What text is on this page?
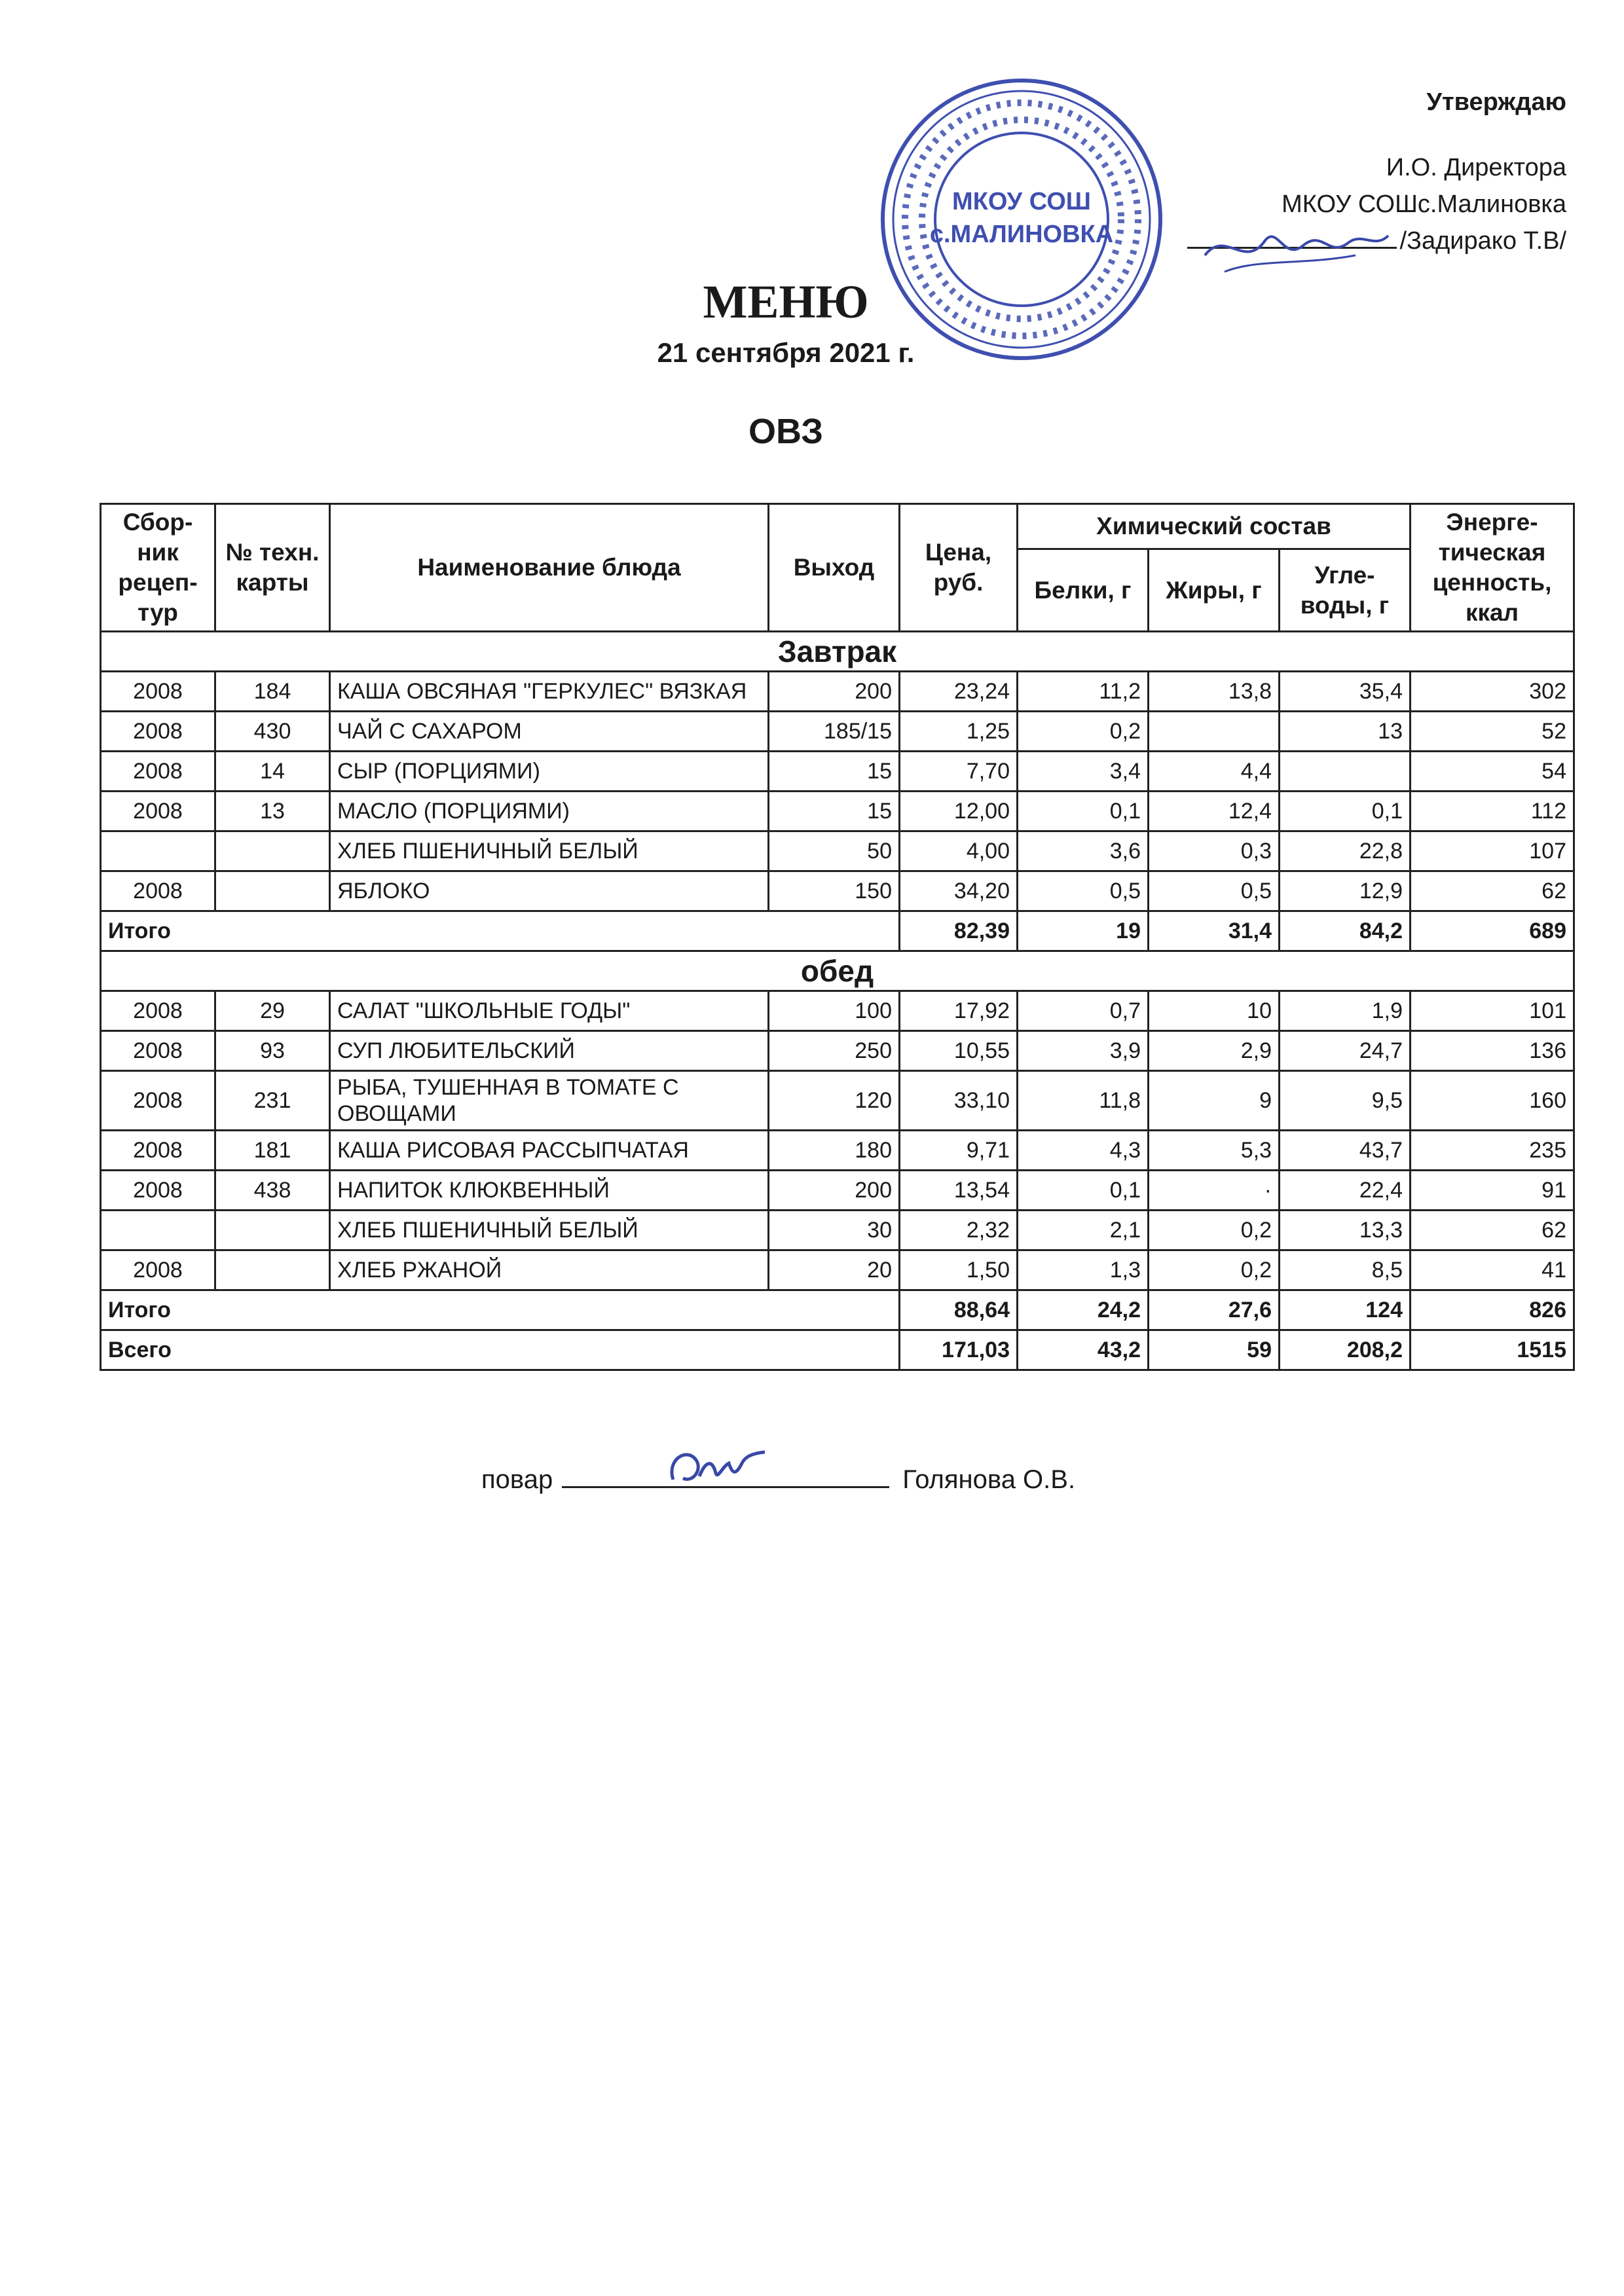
Утверждаю
И.О. Директора
МКОУ СОШс.Малиновка
/Задирако Т.В/
МКОУ СОШ
с.МАЛИНОВКА
МЕНЮ
21 сентября 2021 г.
ОВЗ
Сбор-ник рецеп-тур	№ техн. карты	Наименование блюда	Выход	Цена, руб.	Химический состав			Энерге-тическая ценность, ккал
					Белки, г	Жиры, г	Угле-воды, г	
Завтрак								
2008	184	КАША ОВСЯНАЯ "ГЕРКУЛЕС" ВЯЗКАЯ	200	23,24	11,2	13,8	35,4	302
2008	430	ЧАЙ С САХАРОМ	185/15	1,25	0,2		13	52
2008	14	СЫР (ПОРЦИЯМИ)	15	7,70	3,4	4,4		54
2008	13	МАСЛО (ПОРЦИЯМИ)	15	12,00	0,1	12,4	0,1	112
		ХЛЕБ ПШЕНИЧНЫЙ БЕЛЫЙ	50	4,00	3,6	0,3	22,8	107
2008		ЯБЛОКО	150	34,20	0,5	0,5	12,9	62
Итого				82,39	19	31,4	84,2	689
обед								
2008	29	САЛАТ "ШКОЛЬНЫЕ ГОДЫ"	100	17,92	0,7	10	1,9	101
2008	93	СУП ЛЮБИТЕЛЬСКИЙ	250	10,55	3,9	2,9	24,7	136
2008	231	РЫБА, ТУШЕННАЯ В ТОМАТЕ С ОВОЩАМИ	120	33,10	11,8	9	9,5	160
2008	181	КАША РИСОВАЯ РАССЫПЧАТАЯ	180	9,71	4,3	5,3	43,7	235
2008	438	НАПИТОК КЛЮКВЕННЫЙ	200	13,54	0,1	·	22,4	91
		ХЛЕБ ПШЕНИЧНЫЙ БЕЛЫЙ	30	2,32	2,1	0,2	13,3	62
2008		ХЛЕБ РЖАНОЙ	20	1,50	1,3	0,2	8,5	41
Итого				88,64	24,2	27,6	124	826
Всего				171,03	43,2	59	208,2	1515
повар	Голянова О.В.
